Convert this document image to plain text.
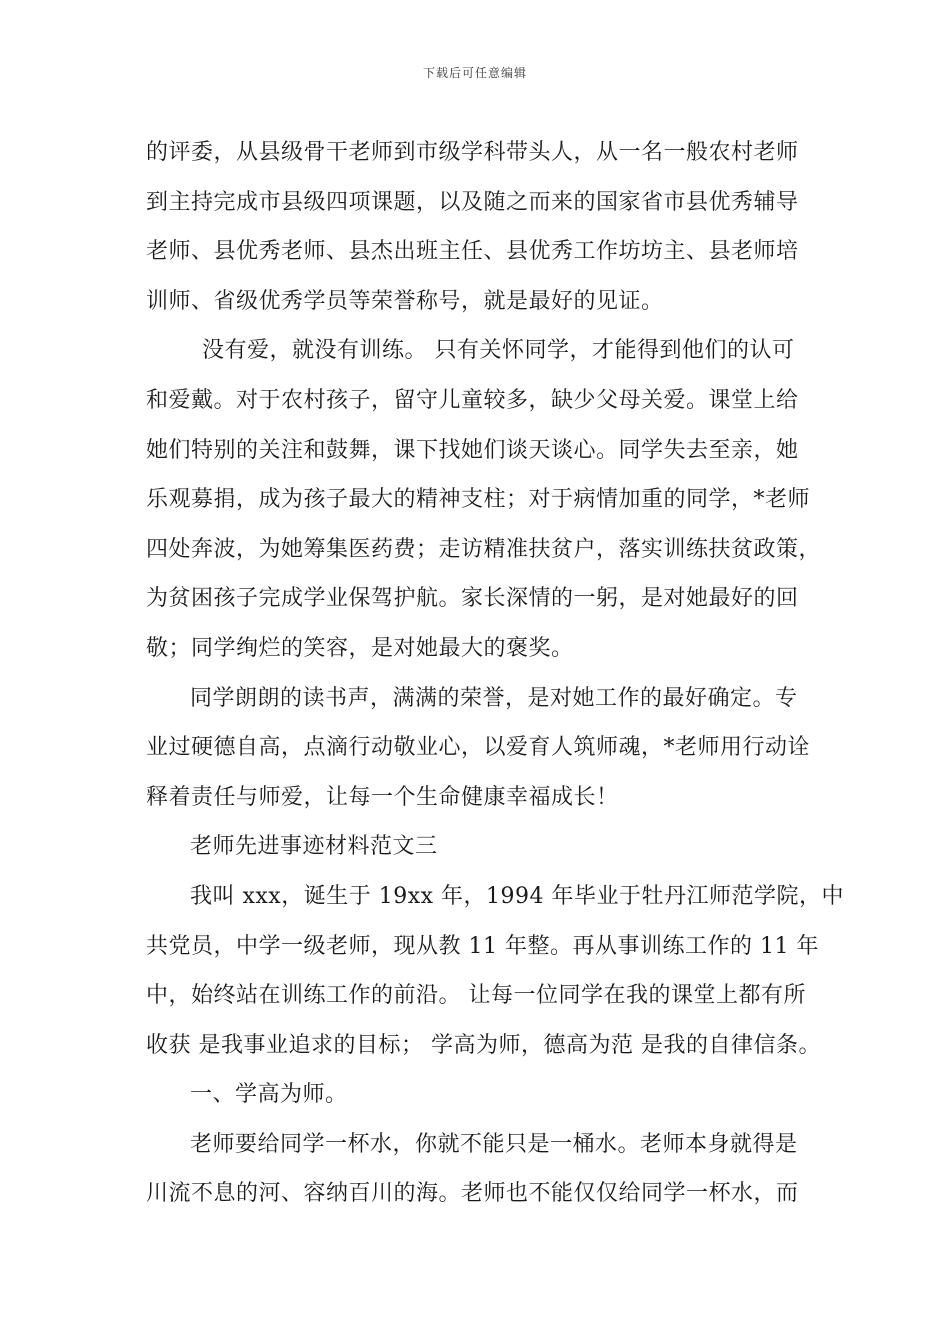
下载后可任意编辑
的评委，从县级骨干老师到市级学科带头人，从一名一般农村老师
到主持完成市县级四项课题，以及随之而来的国家省市县优秀辅导
老师、县优秀老师、县杰出班主任、县优秀工作坊坊主、县老师培
训师、省级优秀学员等荣誉称号，就是最好的见证。
没有爱，就没有训练。 只有关怀同学，才能得到他们的认可
和爱戴。对于农村孩子，留守儿童较多，缺少父母关爱。课堂上给
她们特别的关注和鼓舞，课下找她们谈天谈心。同学失去至亲，她
乐观募捐，成为孩子最大的精神支柱；对于病情加重的同学，*老师
四处奔波，为她筹集医药费；走访精准扶贫户，落实训练扶贫政策，
为贫困孩子完成学业保驾护航。家长深情的一躬，是对她最好的回
敬；同学绚烂的笑容，是对她最大的褒奖。
同学朗朗的读书声，满满的荣誉，是对她工作的最好确定。专
业过硬德自高，点滴行动敬业心，以爱育人筑师魂，*老师用行动诠
释着责任与师爱，让每一个生命健康幸福成长！
老师先进事迹材料范文三
我叫 xxx，诞生于 19xx 年，1994 年毕业于牡丹江师范学院，中
共党员，中学一级老师，现从教 11 年整。再从事训练工作的 11 年
中，始终站在训练工作的前沿。 让每一位同学在我的课堂上都有所
收获 是我事业追求的目标； 学高为师，德高为范 是我的自律信条。
一、学高为师。
老师要给同学一杯水，你就不能只是一桶水。老师本身就得是
川流不息的河、容纳百川的海。老师也不能仅仅给同学一杯水，而
